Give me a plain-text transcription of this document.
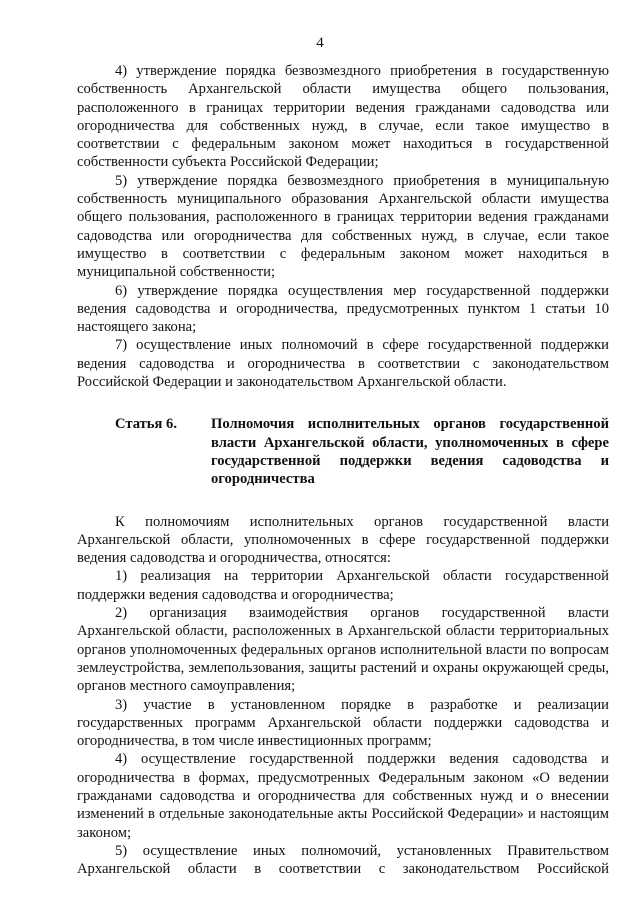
4

4) утверждение порядка безвозмездного приобретения в государственную собственность Архангельской области имущества общего пользования, расположенного в границах территории ведения гражданами садоводства или огородничества для собственных нужд, в случае, если такое имущество в соответствии с федеральным законом может находиться в государственной собственности субъекта Российской Федерации;

5) утверждение порядка безвозмездного приобретения в муниципальную собственность муниципального образования Архангельской области имущества общего пользования, расположенного в границах территории ведения гражданами садоводства или огородничества для собственных нужд, в случае, если такое имущество в соответствии с федеральным законом может находиться в муниципальной собственности;

6) утверждение порядка осуществления мер государственной поддержки ведения садоводства и огородничества, предусмотренных пунктом 1 статьи 10 настоящего закона;

7) осуществление иных полномочий в сфере государственной поддержки ведения садоводства и огородничества в соответствии с законодательством Российской Федерации и законодательством Архангельской области.

Статья 6.	Полномочия исполнительных органов государственной власти Архангельской области, уполномоченных в сфере государственной поддержки ведения садоводства и огородничества

К полномочиям исполнительных органов государственной власти Архангельской области, уполномоченных в сфере государственной поддержки ведения садоводства и огородничества, относятся:

1) реализация на территории Архангельской области государственной поддержки ведения садоводства и огородничества;

2) организация взаимодействия органов государственной власти Архангельской области, расположенных в Архангельской области территориальных органов уполномоченных федеральных органов исполнительной власти по вопросам землеустройства, землепользования, защиты растений и охраны окружающей среды, органов местного самоуправления;

3) участие в установленном порядке в разработке и реализации государственных программ Архангельской области поддержки садоводства и огородничества, в том числе инвестиционных программ;

4) осуществление государственной поддержки ведения садоводства и огородничества в формах, предусмотренных Федеральным законом «О ведении гражданами садоводства и огородничества для собственных нужд и о внесении изменений в отдельные законодательные акты Российской Федерации» и настоящим законом;

5) осуществление иных полномочий, установленных Правительством Архангельской области в соответствии с законодательством Российской
